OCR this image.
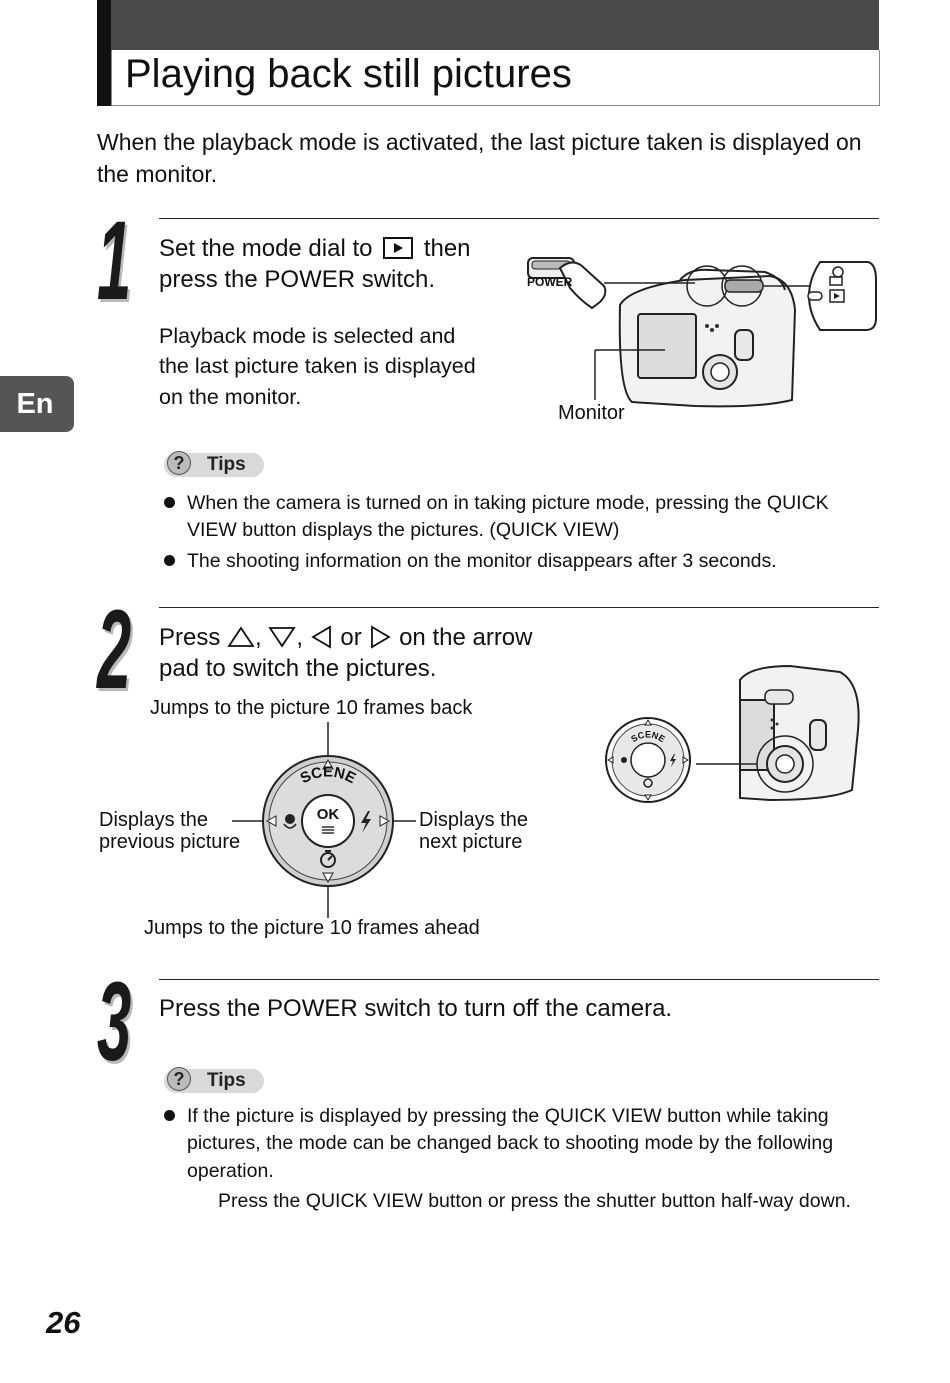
Playing back still pictures
When the playback mode is activated, the last picture taken is displayed on the monitor.
En
1 Set the mode dial to then
press the POWER switch.
Playback mode is selected and
the last picture taken is displayed
on the monitor.
POWER
Monitor
?	Tips
When the camera is turned on in taking picture mode, pressing the QUICK
VIEW button displays the pictures. (QUICK VIEW)
The shooting information on the monitor disappears after 3 seconds.
2 Press , , or on the arrow
pad to switch the pictures.
Jumps to the picture 10 frames back
Jumps to the picture 10 frames ahead
Displays the
previous picture
Displays the
next picture
OK
SCENE
SCENE
3 Press the POWER switch to turn off the camera.
?	Tips
If the picture is displayed by pressing the QUICK VIEW button while taking
pictures, the mode can be changed back to shooting mode by the following
operation.
Press the QUICK VIEW button or press the shutter button half-way down.
26
